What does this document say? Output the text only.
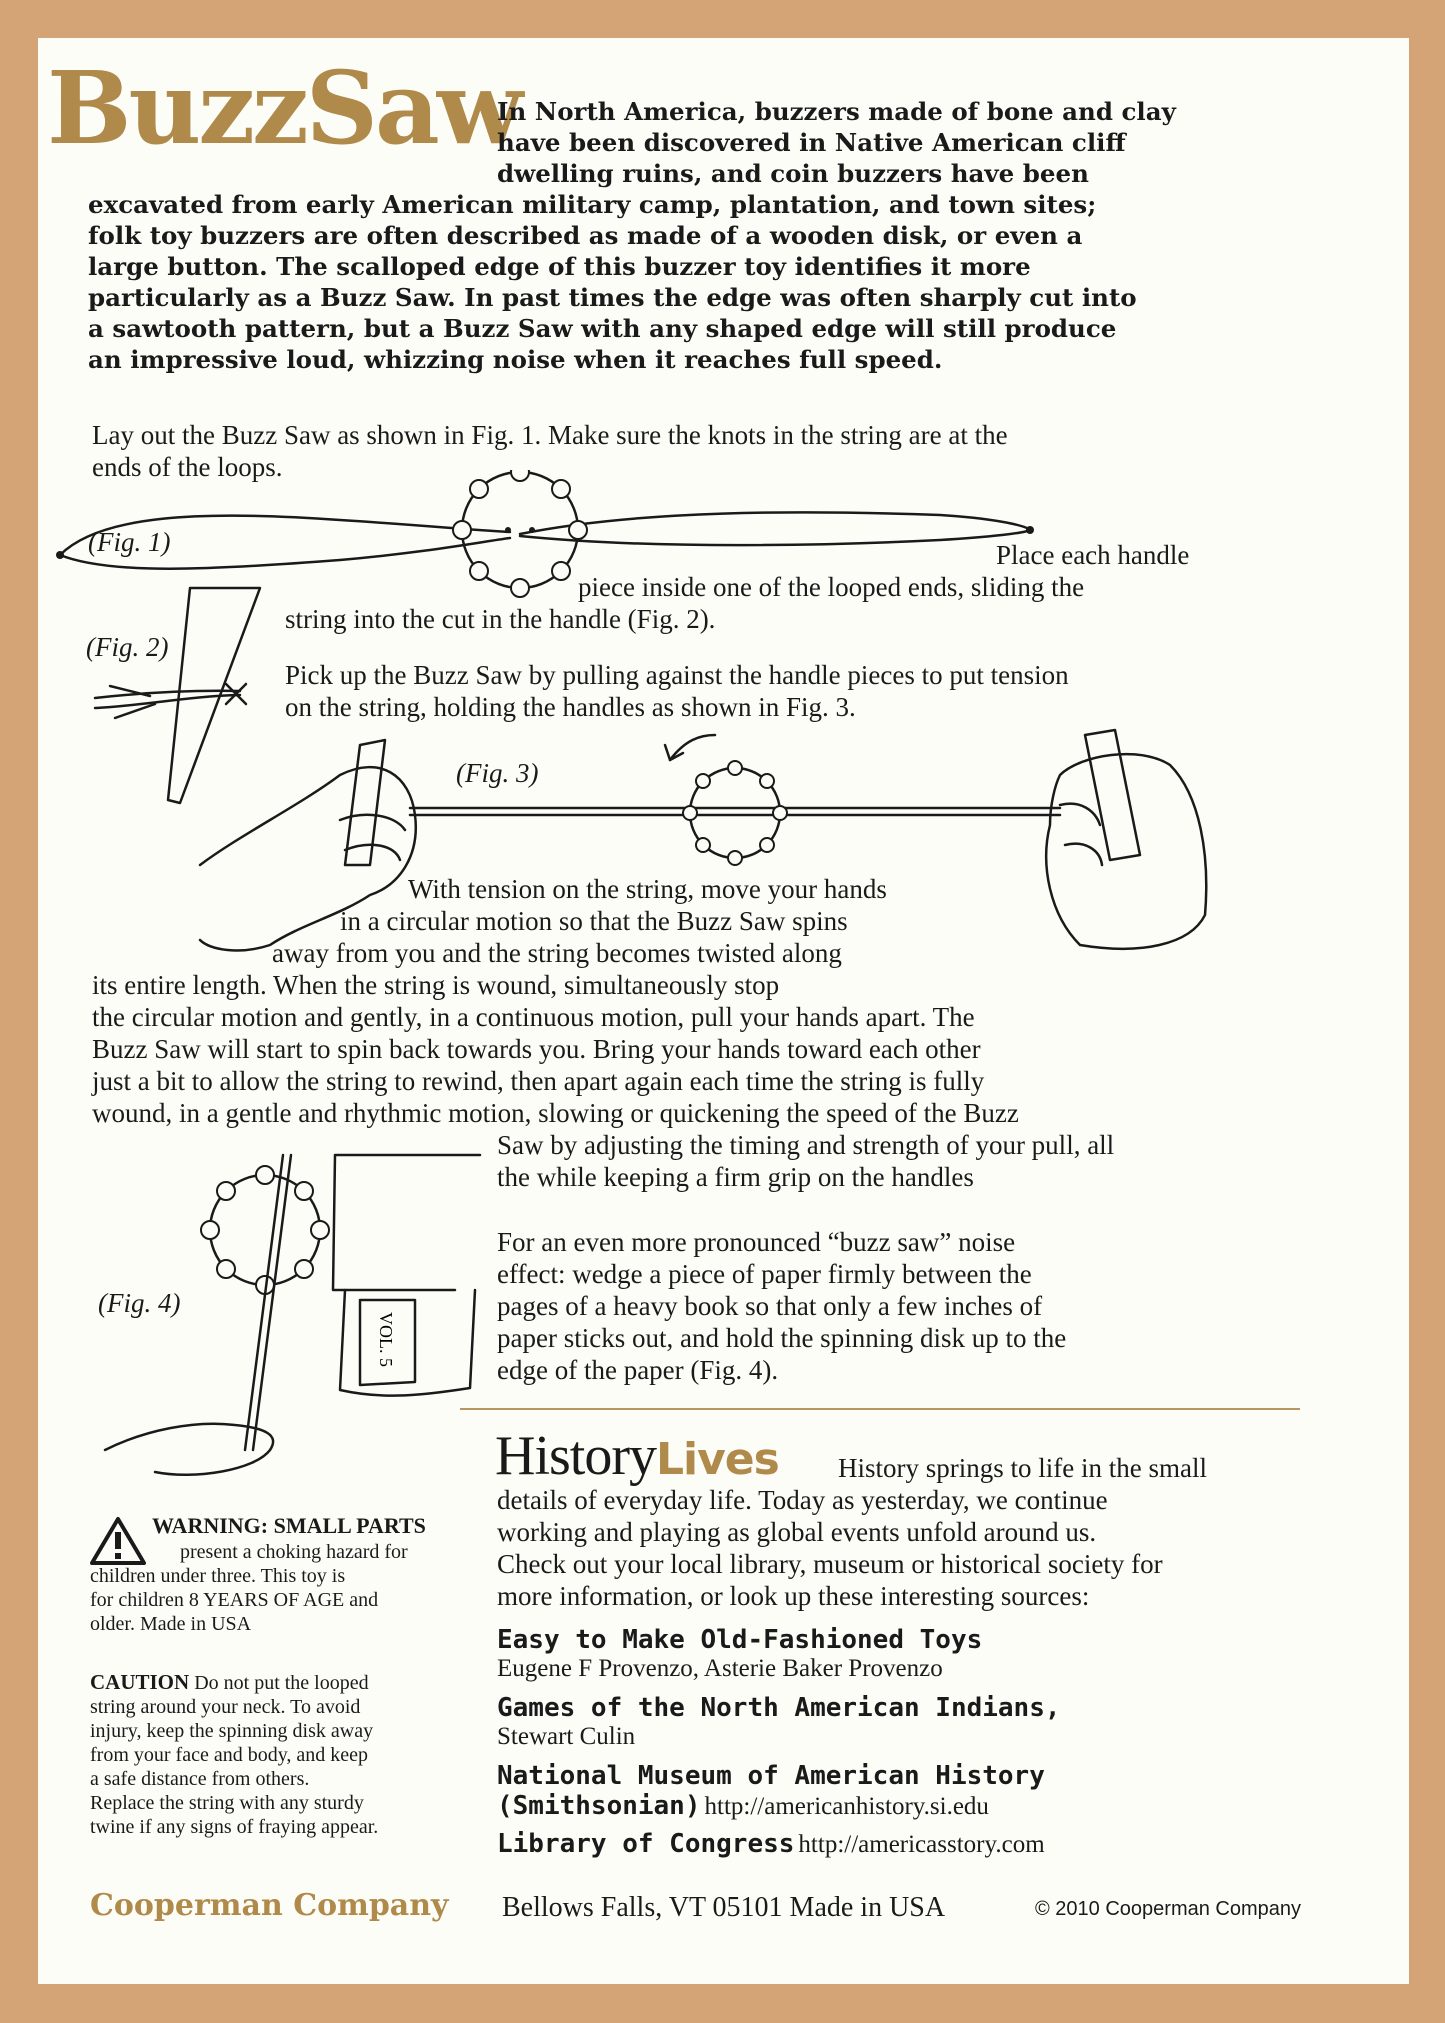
BuzzSaw
In North America, buzzers made of bone and clay
have been discovered in Native American cliff
dwelling ruins, and coin buzzers have been
excavated from early American military camp, plantation, and town sites;
folk toy buzzers are often described as made of a wooden disk, or even a
large button. The scalloped edge of this buzzer toy identifies it more
particularly as a Buzz Saw. In past times the edge was often sharply cut into
a sawtooth pattern, but a Buzz Saw with any shaped edge will still produce
an impressive loud, whizzing noise when it reaches full speed.
Lay out the Buzz Saw as shown in Fig. 1. Make sure the knots in the string are at the
ends of the loops.
(Fig. 1)	Place each handle
piece inside one of the looped ends, sliding the
string into the cut in the handle (Fig. 2).
(Fig. 2)
Pick up the Buzz Saw by pulling against the handle pieces to put tension
on the string, holding the handles as shown in Fig. 3.
(Fig. 3)
With tension on the string, move your hands
in a circular motion so that the Buzz Saw spins
away from you and the string becomes twisted along
its entire length. When the string is wound, simultaneously stop
the circular motion and gently, in a continuous motion, pull your hands apart. The
Buzz Saw will start to spin back towards you. Bring your hands toward each other
just a bit to allow the string to rewind, then apart again each time the string is fully
wound, in a gentle and rhythmic motion, slowing or quickening the speed of the Buzz
Saw by adjusting the timing and strength of your pull, all
the while keeping a firm grip on the handles
VOL. 5
(Fig. 4)
For an even more pronounced “buzz saw” noise
effect: wedge a piece of paper firmly between the
pages of a heavy book so that only a few inches of
paper sticks out, and hold the spinning disk up to the
edge of the paper (Fig. 4).
HistoryLives History springs to life in the small
details of everyday life. Today as yesterday, we continue
working and playing as global events unfold around us.
Check out your local library, museum or historical society for
more information, or look up these interesting sources:
Easy to Make Old-Fashioned Toys
Eugene F Provenzo, Asterie Baker Provenzo
Games of the North American Indians,
Stewart Culin
National Museum of American History
(Smithsonian) http://americanhistory.si.edu
Library of Congress http://americasstory.com
WARNING: SMALL PARTS
present a choking hazard for
children under three. This toy is
for children 8 YEARS OF AGE and
older. Made in USA
CAUTION Do not put the looped
string around your neck. To avoid
injury, keep the spinning disk away
from your face and body, and keep
a safe distance from others.
Replace the string with any sturdy
twine if any signs of fraying appear.
Cooperman Company Bellows Falls, VT 05101 Made in USA	© 2010 Cooperman Company
